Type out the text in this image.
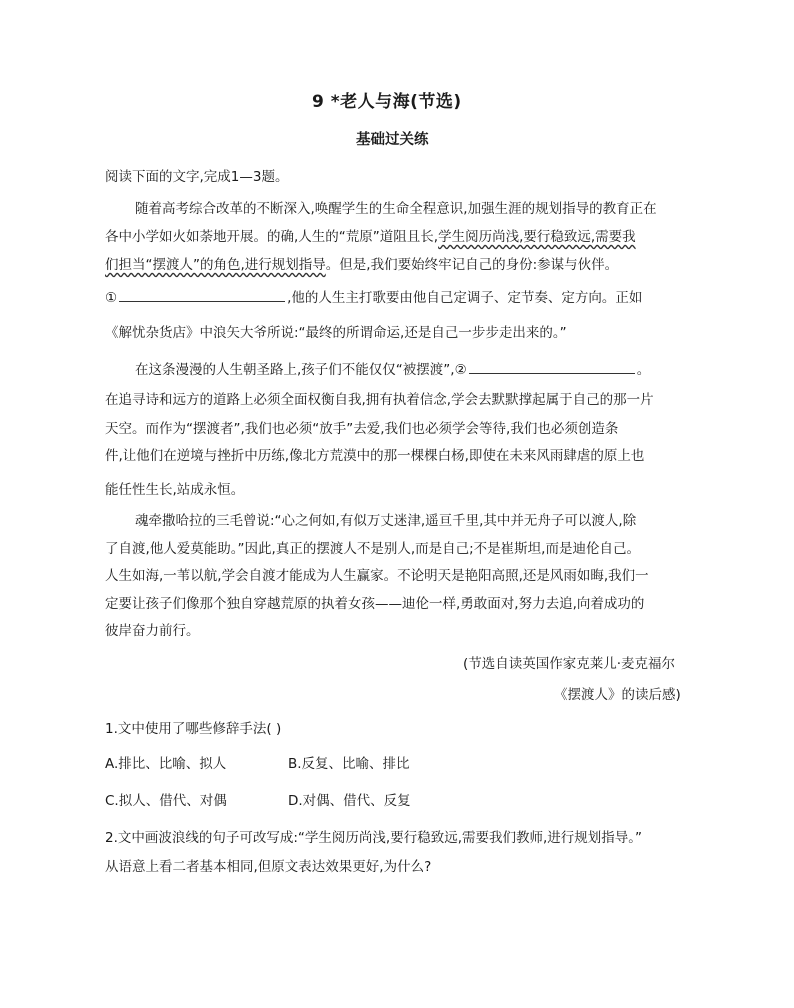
9 *老人与海(节选)
基础过关练
阅读下面的文字,完成1—3题。
随着高考综合改革的不断深入,唤醒学生的生命全程意识,加强生涯的规划指导的教育正在
各中小学如火如荼地开展。的确,人生的“荒原”道阻且长,学生阅历尚浅,要行稳致远,需要我
们担当“摆渡人”的角色,进行规划指导。但是,我们要始终牢记自己的身份:参谋与伙伴。
①	,他的人生主打歌要由他自己定调子、定节奏、定方向。正如
《解忧杂货店》中浪矢大爷所说:“最终的所谓命运,还是自己一步步走出来的。”
在这条漫漫的人生朝圣路上,孩子们不能仅仅“被摆渡”,②	。
在追寻诗和远方的道路上必须全面权衡自我,拥有执着信念,学会去默默撑起属于自己的那一片
天空。而作为“摆渡者”,我们也必须“放手”去爱,我们也必须学会等待,我们也必须创造条
件,让他们在逆境与挫折中历练,像北方荒漠中的那一棵棵白杨,即使在未来风雨肆虐的原上也
能任性生长,站成永恒。
魂牵撒哈拉的三毛曾说:“心之何如,有似万丈迷津,遥亘千里,其中并无舟子可以渡人,除
了自渡,他人爱莫能助。”因此,真正的摆渡人不是别人,而是自己;不是崔斯坦,而是迪伦自己。
人生如海,一苇以航,学会自渡才能成为人生赢家。不论明天是艳阳高照,还是风雨如晦,我们一
定要让孩子们像那个独自穿越荒原的执着女孩——迪伦一样,勇敢面对,努力去追,向着成功的
彼岸奋力前行。
(节选自读英国作家克莱儿·麦克福尔
《摆渡人》的读后感)
1.文中使用了哪些修辞手法( )
A.排比、比喻、拟人	B.反复、比喻、排比
C.拟人、借代、对偶	D.对偶、借代、反复
2.文中画波浪线的句子可改写成:“学生阅历尚浅,要行稳致远,需要我们教师,进行规划指导。”
从语意上看二者基本相同,但原文表达效果更好,为什么?
